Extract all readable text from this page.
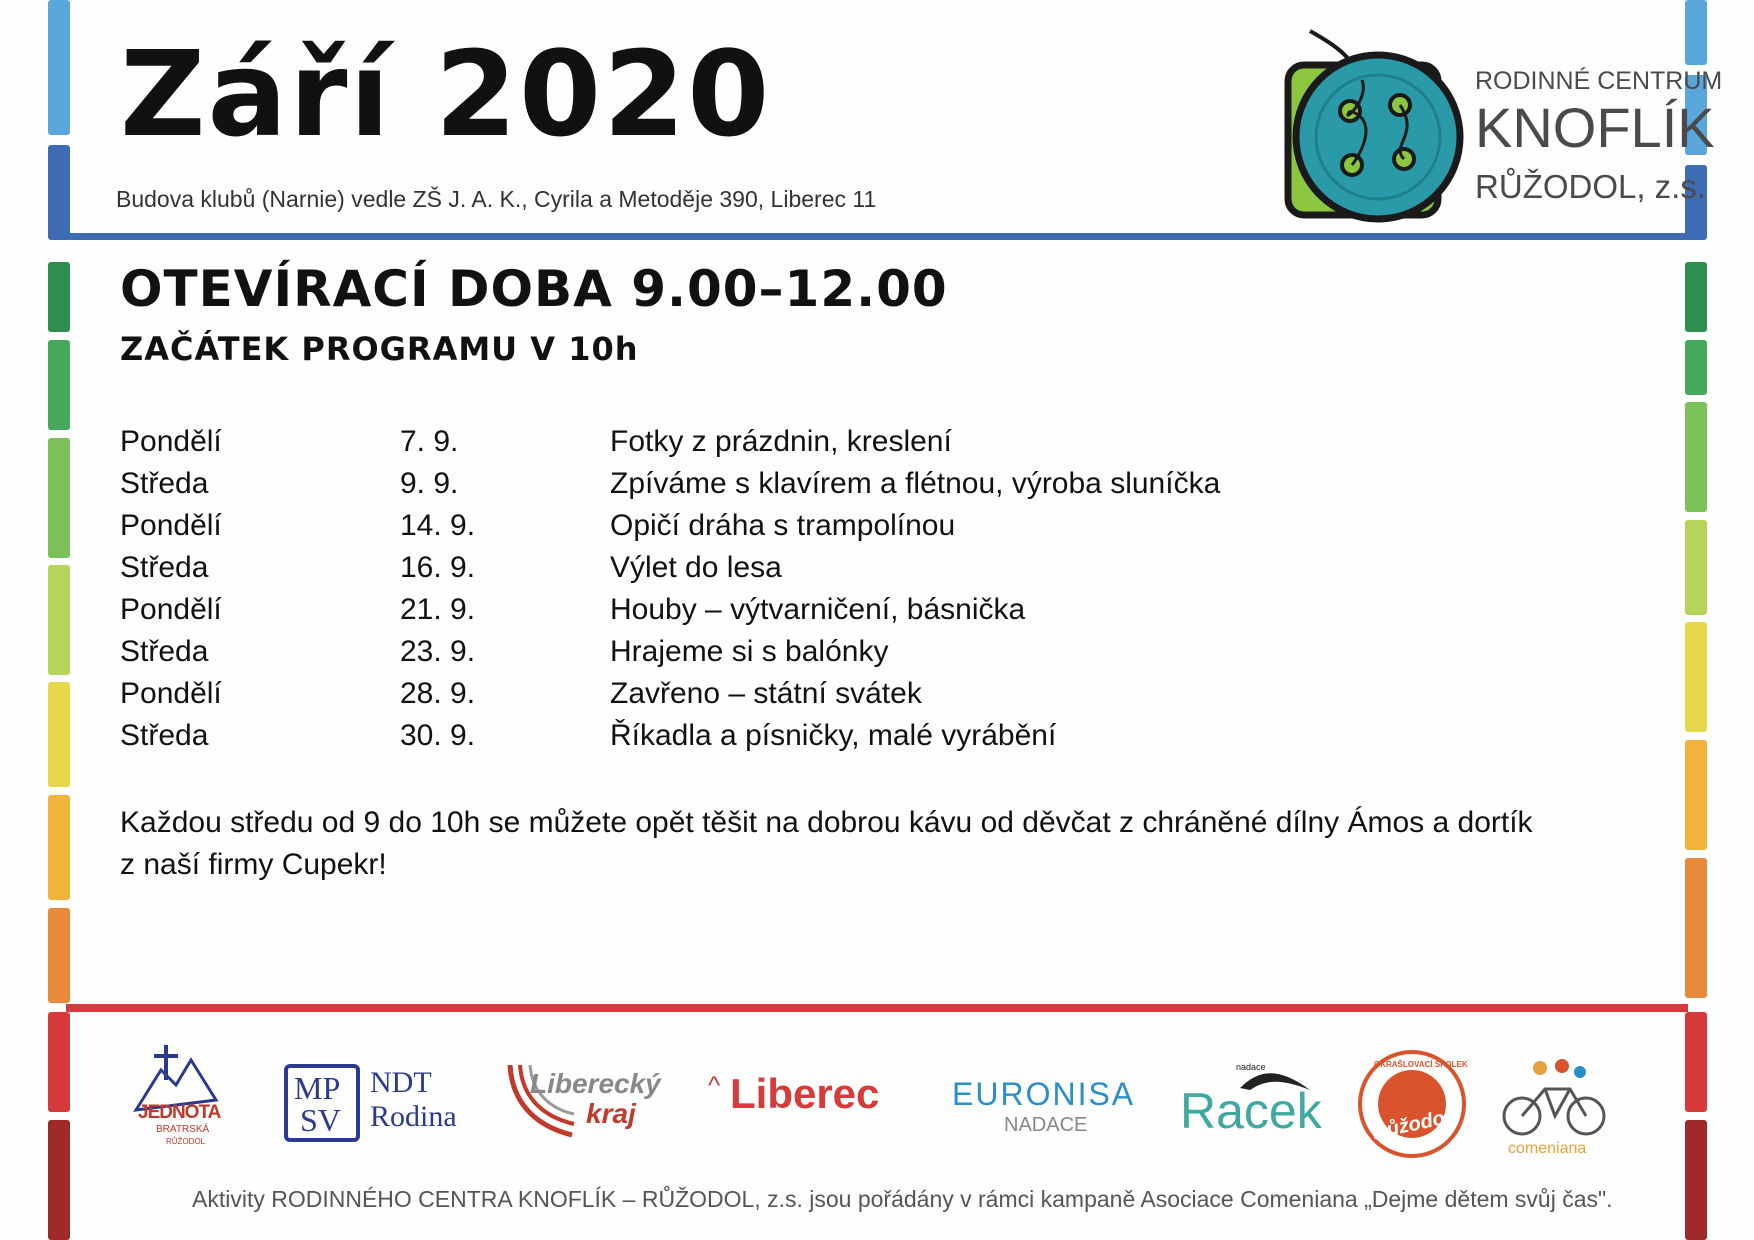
Září 2020
Budova klubů (Narnie) vedle ZŠ J. A. K., Cyrila a Metoděje 390, Liberec 11
RODINNÉ CENTRUM
KNOFLÍK
RŮŽODOL, z.s.
OTEVÍRACÍ DOBA 9.00–12.00
ZAČÁTEK PROGRAMU V 10h
Pondělí	7. 9.	Fotky z prázdnin, kreslení
Středa	9. 9.	Zpíváme s klavírem a flétnou, výroba sluníčka
Pondělí	14. 9.	Opičí dráha s trampolínou
Středa	16. 9.	Výlet do lesa
Pondělí	21. 9.	Houby – výtvarničení, básnička
Středa	23. 9.	Hrajeme si s balónky
Pondělí	28. 9.	Zavřeno – státní svátek
Středa	30. 9.	Říkadla a písničky, malé vyrábění
Každou středu od 9 do 10h se můžete opět těšit na dobrou kávu od děvčat z chráněné dílny Ámos a dortík
z naší firmy Cupekr!
JEDNOTA
BRATRSKÁ
RŮŽODOL
MP
SV
NDT
Rodina
Liberecký
kraj
^ Liberec EURONISA
NADACE
nadace
Racek
OKRAŠLOVACÍ SPOLEK
Růžodol
comeniana
Aktivity RODINNÉHO CENTRA KNOFLÍK – RŮŽODOL, z.s. jsou pořádány v rámci kampaně Asociace Comeniana „Dejme dětem svůj čas".
